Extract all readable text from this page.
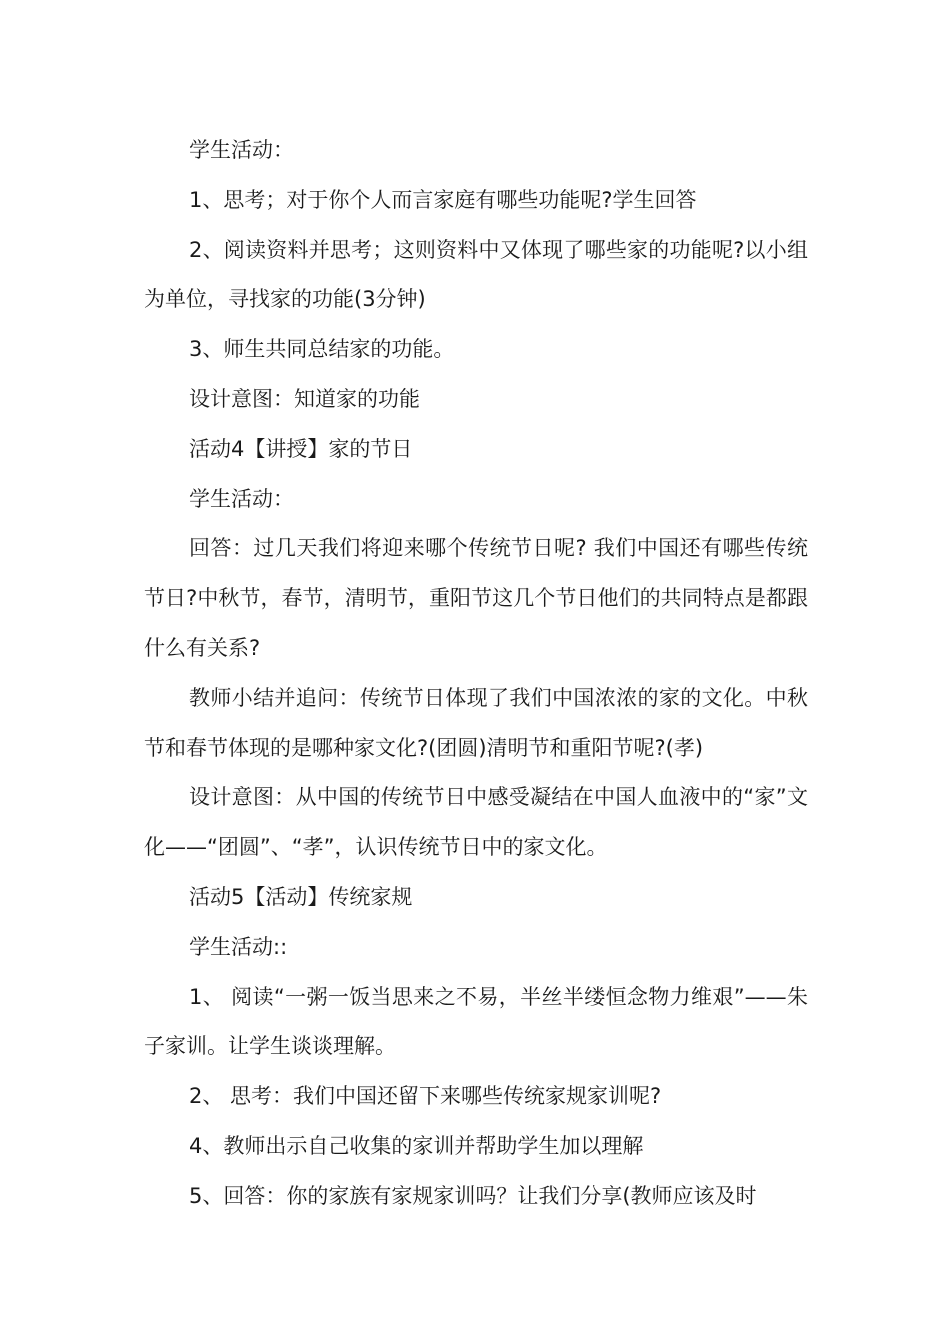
学生活动：

1、思考；对于你个人而言家庭有哪些功能呢?学生回答

2、阅读资料并思考；这则资料中又体现了哪些家的功能呢?以小组为单位，寻找家的功能(3分钟)

3、师生共同总结家的功能。

设计意图：知道家的功能

活动4【讲授】家的节日

学生活动：

回答：过几天我们将迎来哪个传统节日呢? 我们中国还有哪些传统节日?中秋节，春节，清明节，重阳节这几个节日他们的共同特点是都跟什么有关系?

教师小结并追问：传统节日体现了我们中国浓浓的家的文化。中秋节和春节体现的是哪种家文化?(团圆)清明节和重阳节呢?(孝)

设计意图：从中国的传统节日中感受凝结在中国人血液中的“家”文化——“团圆”、“孝”，认识传统节日中的家文化。

活动5【活动】传统家规

学生活动::

1、 阅读“一粥一饭当思来之不易，半丝半缕恒念物力维艰”——朱子家训。让学生谈谈理解。

2、 思考：我们中国还留下来哪些传统家规家训呢?

4、教师出示自己收集的家训并帮助学生加以理解

5、回答：你的家族有家规家训吗？让我们分享(教师应该及时
